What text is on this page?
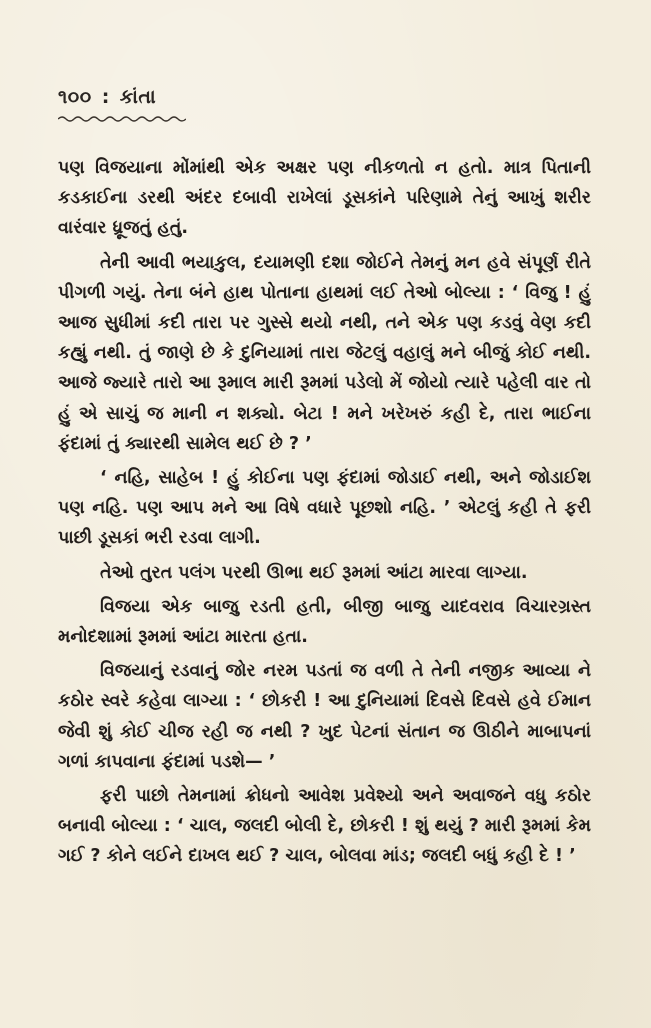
૧૦૦ : કાંતા

પણ વિજયાના મોંમાંથી એક અક્ષર પણ નીકળતો ન હતો. માત્ર પિતાની કડકાઈના ડરથી અંદર દબાવી રાખેલાં ડૂસકાંને પરિણામે તેનું આખું શરીર વારંવાર ધ્રૂજતું હતું.

તેની આવી ભયાકુલ, દયામણી દશા જોઈને તેમનું મન હવે સંપૂર્ણ રીતે પીગળી ગયું. તેના બંને હાથ પોતાના હાથમાં લઈ તેઓ બોલ્યા : ‘ વિજુ ! હું આજ સુધીમાં કદી તારા પર ગુસ્સે થયો નથી, તને એક પણ કડવું વેણ કદી કહ્યું નથી. તું જાણે છે કે દુનિયામાં તારા જેટલું વહાલું મને બીજું કોઈ નથી. આજે જ્યારે તારો આ રૂમાલ મારી રૂમમાં પડેલો મેં જોયો ત્યારે પહેલી વાર તો હું એ સાચું જ માની ન શક્યો. બેટા ! મને ખરેખરું કહી દે, તારા ભાઈના ફંદામાં તું ક્યારથી સામેલ થઈ છે ? ’

‘ નહિ, સાહેબ ! હું કોઈના પણ ફંદામાં જોડાઈ નથી, અને જોડાઈશ પણ નહિ. પણ આપ મને આ વિષે વધારે પૂછશો નહિ. ’ એટલું કહી તે ફરી પાછી ડૂસકાં ભરી રડવા લાગી.

તેઓ તુરત પલંગ પરથી ઊભા થઈ રૂમમાં આંટા મારવા લાગ્યા.

વિજયા એક બાજુ રડતી હતી, બીજી બાજુ યાદવરાવ વિચારગ્રસ્ત મનોદશામાં રૂમમાં આંટા મારતા હતા.

વિજયાનું રડવાનું જોર નરમ પડતાં જ વળી તે તેની નજીક આવ્યા ને કઠોર સ્વરે કહેવા લાગ્યા : ‘ છોકરી ! આ દુનિયામાં દિવસે દિવસે હવે ઈમાન જેવી શું કોઈ ચીજ રહી જ નથી ? ખુદ પેટનાં સંતાન જ ઊઠીને માબાપનાં ગળાં કાપવાના ફંદામાં પડશે— ’

ફરી પાછો તેમનામાં ક્રોધનો આવેશ પ્રવેશ્યો અને અવાજને વધુ કઠોર બનાવી બોલ્યા : ‘ ચાલ, જલદી બોલી દે, છોકરી ! શું થયું ? મારી રૂમમાં કેમ ગઈ ? કોને લઈને દાખલ થઈ ? ચાલ, બોલવા માંડ; જલદી બધું કહી દે ! ’
